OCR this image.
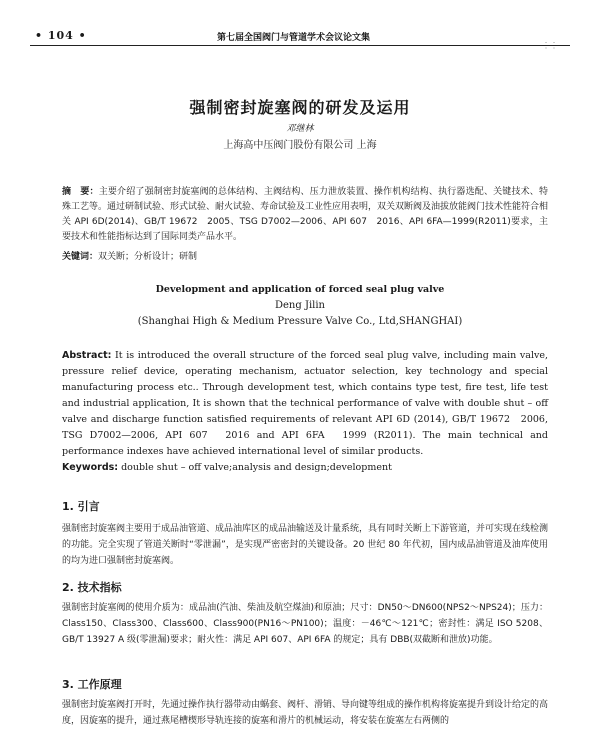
• 104 •	第七届全国阀门与管道学术会议论文集
强制密封旋塞阀的研发及运用
邓继林
上海高中压阀门股份有限公司 上海
摘　要：主要介绍了强制密封旋塞阀的总体结构、主阀结构、压力泄放装置、操作机构结构、执行器选配、关键技术、特殊工艺等。通过研制试验、形式试验、耐火试验、寿命试验及工业性应用表明，双关双断阀及油拔放能阀门技术性能符合相关 API 6D(2014)、GB/T 19672　2005、TSG D7002—2006、API 607　2016、API 6FA—1999(R2011)要求，主要技术和性能指标达到了国际同类产品水平。
关键词：双关断；分析设计；研制
Development and application of forced seal plug valve
Deng Jilin
(Shanghai High & Medium Pressure Valve Co., Ltd,SHANGHAI)
Abstract: It is introduced the overall structure of the forced seal plug valve, including main valve, pressure relief device, operating mechanism, actuator selection, key technology and special manufacturing process etc.. Through development test, which contains type test, fire test, life test and industrial application, It is shown that the technical performance of valve with double shut – off valve and discharge function satisfied requirements of relevant API 6D (2014), GB/T 19672　2006, TSG D7002—2006, API 607　2016 and API 6FA　1999 (R2011). The main technical and performance indexes have achieved international level of similar products.
Keywords: double shut – off valve;analysis and design;development
1. 引言
强制密封旋塞阀主要用于成品油管道、成品油库区的成品油输送及计量系统，具有同时关断上下游管道，并可实现在线检测的功能。完全实现了管道关断时“零泄漏”，是实现严密密封的关键设备。20 世纪 80 年代初，国内成品油管道及油库使用的均为进口强制密封旋塞阀。
2. 技术指标
强制密封旋塞阀的使用介质为：成品油(汽油、柴油及航空煤油)和原油；尺寸：DN50～DN600(NPS2～NPS24)；压力：Class150、Class300、Class600、Class900(PN16～PN100)；温度：－46℃～121℃；密封性：满足 ISO 5208、GB/T 13927 A 级(零泄漏)要求；耐火性：满足 API 607、API 6FA 的规定；具有 DBB(双截断和泄放)功能。
3. 工作原理
强制密封旋塞阀打开时，先通过操作执行器带动由蜗套、阀杆、滑销、导向键等组成的操作机构将旋塞提升到设计给定的高度，因旋塞的提升，通过燕尾槽楔形导轨连接的旋塞和滑片的机械运动，将安装在旋塞左右两侧的
